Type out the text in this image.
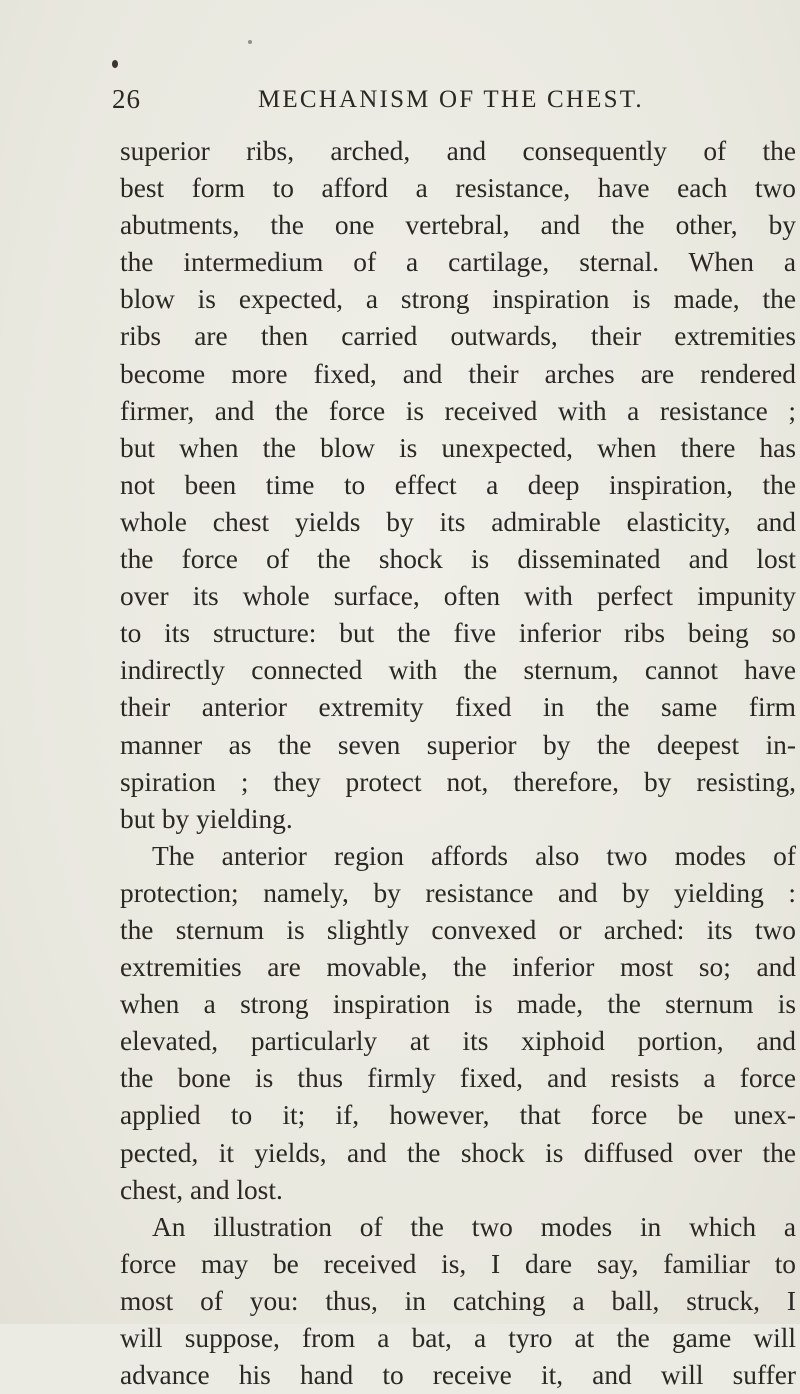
26	MECHANISM OF THE CHEST.
superior ribs, arched, and consequently of the
best form to afford a resistance, have each two
abutments, the one vertebral, and the other, by
the intermedium of a cartilage, sternal. When a
blow is expected, a strong inspiration is made, the
ribs are then carried outwards, their extremities
become more fixed, and their arches are rendered
firmer, and the force is received with a resistance ;
but when the blow is unexpected, when there has
not been time to effect a deep inspiration, the
whole chest yields by its admirable elasticity, and
the force of the shock is disseminated and lost
over its whole surface, often with perfect impunity
to its structure: but the five inferior ribs being so
indirectly connected with the sternum, cannot have
their anterior extremity fixed in the same firm
manner as the seven superior by the deepest in-
spiration ; they protect not, therefore, by resisting,
but by yielding.
The anterior region affords also two modes of
protection; namely, by resistance and by yielding :
the sternum is slightly convexed or arched: its two
extremities are movable, the inferior most so; and
when a strong inspiration is made, the sternum is
elevated, particularly at its xiphoid portion, and
the bone is thus firmly fixed, and resists a force
applied to it; if, however, that force be unex-
pected, it yields, and the shock is diffused over the
chest, and lost.
An illustration of the two modes in which a
force may be received is, I dare say, familiar to
most of you: thus, in catching a ball, struck, I
will suppose, from a bat, a tyro at the game will
advance his hand to receive it, and will suffer
